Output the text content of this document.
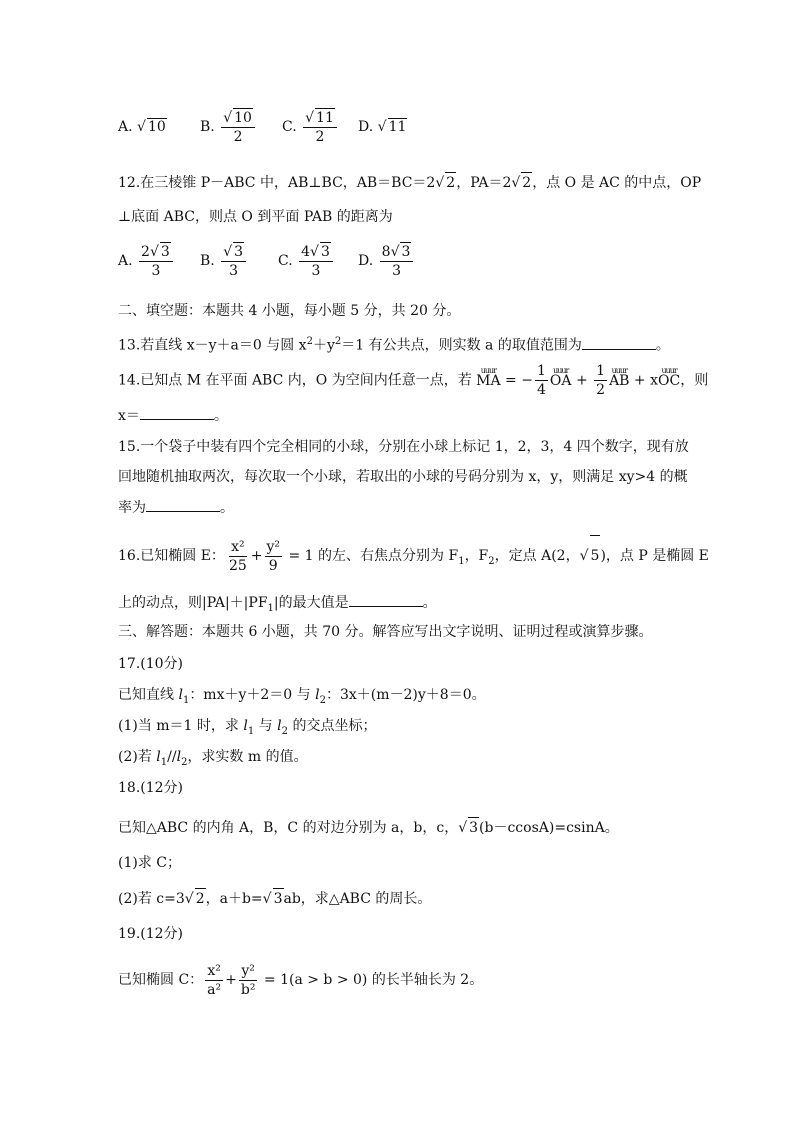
A. √ 10 B. $\frac{√ 10}{2} C$. $\frac{√ 11}{2} D$. √ 11
12.在三棱锥 P－ABC 中，AB⊥BC，AB＝BC＝2√ 2，PA＝2√ 2，点 O 是 AC 的中点，OP
⊥底面 ABC，则点 O 到平面 PAB 的距离为
A. $\frac{2√ 3}{3} B$. $\frac{√ 3}{3} C$. $\frac{4√ 3}{3} D$. $\frac{8√ 3}{3}$
二、填空题：本题共 4 小题，每小题 5 分，共 20 分。
13.若直线 x－y＋a＝0 与圆 $x^2+y^2=1$ 有公共点，则实数 a 的取值范围为	。
14.已知点 M 在平面 ABC 内，O 为空间内任意一点，若
uuur
MA = − $\frac{1}{4}$ uuur
OA + $\frac{1}{2}$ uuur
AB + x
uuur
OC，则
x＝	。
15.一个袋子中装有四个完全相同的小球，分别在小球上标记 1，2，3，4 四个数字，现有放
回地随机抽取两次，每次取一个小球，若取出的小球的号码分别为 x，y，则满足 xy>4 的概
率为	。
16.已知椭圆 E： $\frac{\text{x²}}{25} + \frac{\text{y²}}{9} = 1$ 的左、右焦点分别为 $F_1$，$F_2$，定点 A(2，√ 5)，点 P 是椭圆 E
上的动点，则$|PA|+|PF_1|$的最大值是	。
三、解答题：本题共 6 小题，共 70 分。解答应写出文字说明、证明过程或演算步骤。
17.(10分)
已知直线 $l_1$：mx＋y＋2＝0 与 $l_2$：3x＋(m－2)y＋8＝0。
(1)当 m＝1 时，求 $l_1$ 与 $l_2$ 的交点坐标；
(2)若 $l_1//l_2$，求实数 m 的值。
18.(12分)
已知△ABC 的内角 A，B，C 的对边分别为 a，b，c，√ 3(b－ccosA)=csinA。
(1)求 C；
(2)若 c=3√ 2，a＋b=√ 3ab，求△ABC 的周长。
19.(12分)
已知椭圆 C： $\frac{\text{x²}}{\text{a²}} + \frac{\text{y²}}{\text{b²}} = 1(a > b > 0)$ 的长半轴长为 2。
